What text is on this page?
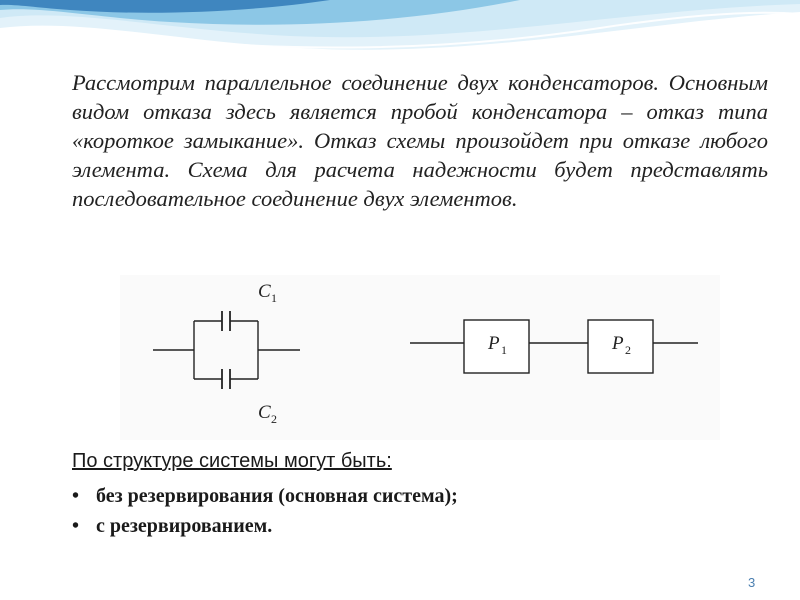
Рассмотрим параллельное соединение двух конденсаторов. Основным видом отказа здесь является пробой конденсатора – отказ типа «короткое замыкание». Отказ схемы произойдет при отказе любого элемента. Схема для расчета надежности будет представлять последовательное соединение двух элементов.

C 1
C 2
P 1	P 2

По структуре системы могут быть:

• без резервирования (основная система);
• с резервированием.
3
